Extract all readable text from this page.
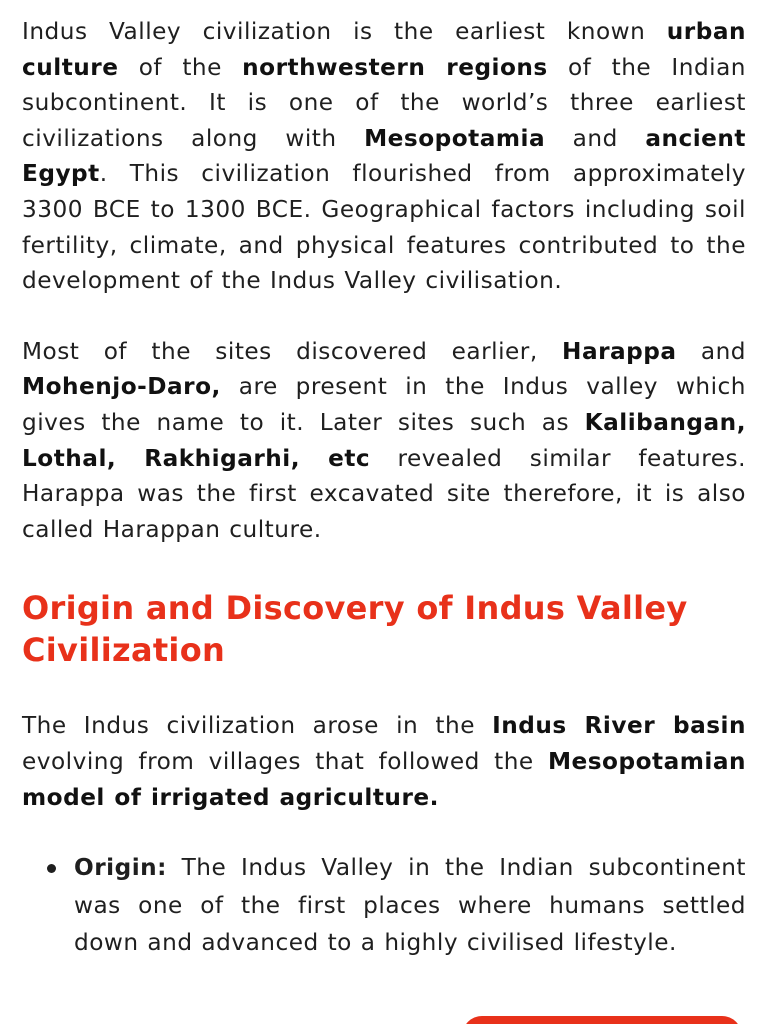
Indus Valley civilization is the earliest known urban culture of the northwestern regions of the Indian subcontinent. It is one of the world’s three earliest civilizations along with Mesopotamia and ancient Egypt. This civilization flourished from approximately 3300 BCE to 1300 BCE. Geographical factors including soil fertility, climate, and physical features contributed to the development of the Indus Valley civilisation.

Most of the sites discovered earlier, Harappa and Mohenjo-Daro, are present in the Indus valley which gives the name to it. Later sites such as Kalibangan, Lothal, Rakhigarhi, etc revealed similar features. Harappa was the first excavated site therefore, it is also called Harappan culture.

Origin and Discovery of Indus Valley Civilization

The Indus civilization arose in the Indus River basin evolving from villages that followed the Mesopotamian model of irrigated agriculture.

Origin: The Indus Valley in the Indian subcontinent was one of the first places where humans settled down and advanced to a highly civilised lifestyle.
